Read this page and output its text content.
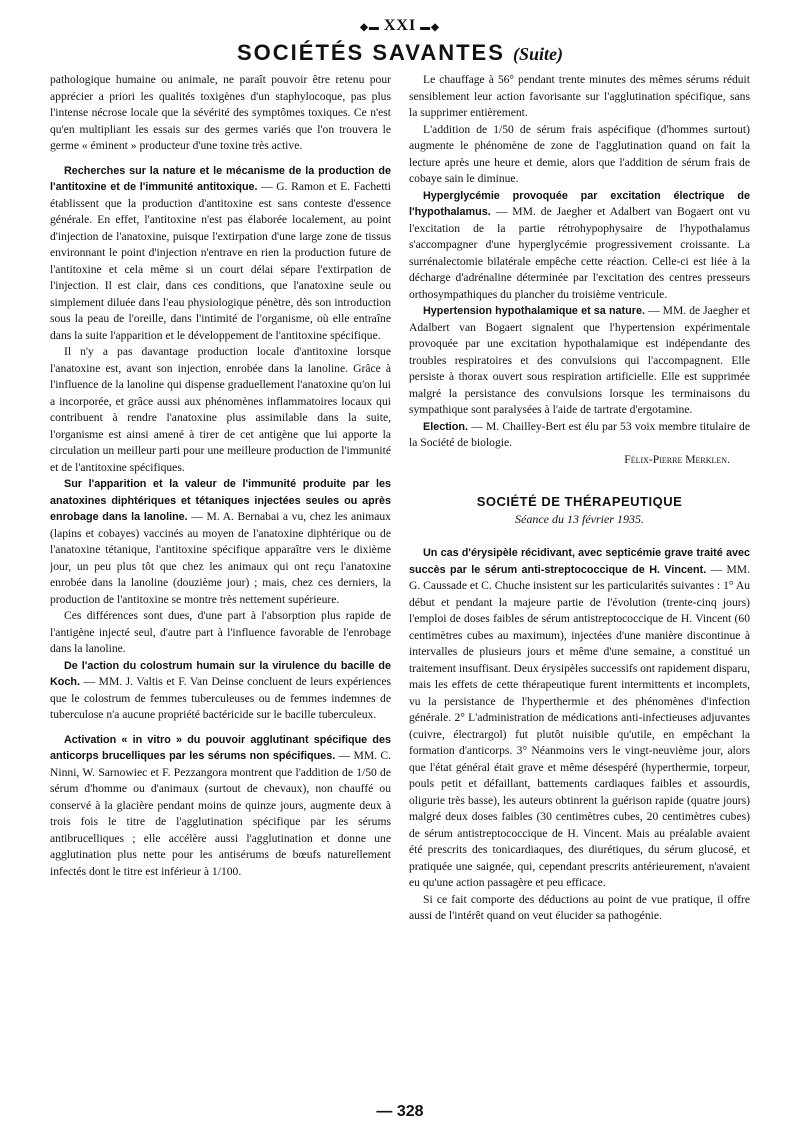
◆▬ XXI ▬◆
SOCIÉTÉS SAVANTES (Suite)

pathologique humaine ou animale, ne paraît pouvoir être retenu pour apprécier a priori les qualités toxigènes d'un staphylocoque, pas plus l'intense nécrose locale que la sévérité des symptômes toxiques. Ce n'est qu'en multipliant les essais sur des germes variés que l'on trouvera le germe « éminent » producteur d'une toxine très active.

Recherches sur la nature et le mécanisme de la production de l'antitoxine et de l'immunité antitoxique. — G. Ramon et E. Fachetti établissent que la production d'antitoxine est sans conteste d'essence générale. En effet, l'antitoxine n'est pas élaborée localement, au point d'injection de l'anatoxine, puisque l'extirpation d'une large zone de tissus environnant le point d'injection n'entrave en rien la production future de l'antitoxine et cela même si un court délai sépare l'extirpation de l'injection. Il est clair, dans ces conditions, que l'anatoxine seule ou simplement diluée dans l'eau physiologique pénètre, dès son introduction sous la peau de l'oreille, dans l'intimité de l'organisme, où elle entraîne dans la suite l'apparition et le développement de l'antitoxine spécifique.

Il n'y a pas davantage production locale d'antitoxine lorsque l'anatoxine est, avant son injection, enrobée dans la lanoline. Grâce à l'influence de la lanoline qui dispense graduellement l'anatoxine qu'on lui a incorporée, et grâce aussi aux phénomènes inflammatoires locaux qui contribuent à rendre l'anatoxine plus assimilable dans la suite, l'organisme est ainsi amené à tirer de cet antigène que lui apporte la circulation un meilleur parti pour une meilleure production de l'immunité et de l'antitoxine spécifiques.

Sur l'apparition et la valeur de l'immunité produite par les anatoxines diphtériques et tétaniques injectées seules ou après enrobage dans la lanoline. — M. A. Bernabai a vu, chez les animaux (lapins et cobayes) vaccinés au moyen de l'anatoxine diphtérique ou de l'anatoxine tétanique, l'antitoxine spécifique apparaître vers le dixième jour, un peu plus tôt que chez les animaux qui ont reçu l'anatoxine enrobée dans la lanoline (douzième jour) ; mais, chez ces derniers, la production de l'antitoxine se montre très nettement supérieure.

Ces différences sont dues, d'une part à l'absorption plus rapide de l'antigène injecté seul, d'autre part à l'influence favorable de l'enrobage dans la lanoline.

De l'action du colostrum humain sur la virulence du bacille de Koch. — MM. J. Valtis et F. Van Deinse concluent de leurs expériences que le colostrum de femmes tuberculeuses ou de femmes indemnes de tuberculose n'a aucune propriété bactéricide sur le bacille tuberculeux.

Activation « in vitro » du pouvoir agglutinant spécifique des anticorps brucelliques par les sérums non spécifiques. — MM. C. Ninni, W. Sarnowiec et F. Pezzangora montrent que l'addition de 1/50 de sérum d'homme ou d'animaux (surtout de chevaux), non chauffé ou conservé à la glacière pendant moins de quinze jours, augmente deux à trois fois le titre de l'agglutination spécifique par les sérums antibrucelliques ; elle accélère aussi l'agglutination et donne une agglutination plus nette pour les antisérums de bœufs naturellement infectés dont le titre est inférieur à 1/100.

Le chauffage à 56° pendant trente minutes des mêmes sérums réduit sensiblement leur action favorisante sur l'agglutination spécifique, sans la supprimer entièrement.

L'addition de 1/50 de sérum frais aspécifique (d'hommes surtout) augmente le phénomène de zone de l'agglutination quand on fait la lecture après une heure et demie, alors que l'addition de sérum frais de cobaye sain le diminue.

Hyperglycémie provoquée par excitation électrique de l'hypothalamus. — MM. de Jaegher et Adalbert van Bogaert ont vu l'excitation de la partie rétrohypophysaire de l'hypothalamus s'accompagner d'une hyperglycémie progressivement croissante. La surrénalectomie bilatérale empêche cette réaction. Celle-ci est liée à la décharge d'adrénaline déterminée par l'excitation des centres presseurs orthosympathiques du plancher du troisième ventricule.

Hypertension hypothalamique et sa nature. — MM. de Jaegher et Adalbert van Bogaert signalent que l'hypertension expérimentale provoquée par une excitation hypothalamique est indépendante des troubles respiratoires et des convulsions qui l'accompagnent. Elle persiste à thorax ouvert sous respiration artificielle. Elle est supprimée malgré la persistance des convulsions lorsque les terminaisons du sympathique sont paralysées à l'aide de tartrate d'ergotamine.

Election. — M. Chailley-Bert est élu par 53 voix membre titulaire de la Société de biologie.

Félix-Pierre Merklen.

SOCIÉTÉ DE THÉRAPEUTIQUE
Séance du 13 février 1935.

Un cas d'érysipèle récidivant, avec septicémie grave traité avec succès par le sérum anti-streptococcique de H. Vincent. — MM. G. Caussade et C. Chuche insistent sur les particularités suivantes : 1° Au début et pendant la majeure partie de l'évolution (trente-cinq jours) l'emploi de doses faibles de sérum antistreptococcique de H. Vincent (60 centimètres cubes au maximum), injectées d'une manière discontinue à intervalles de plusieurs jours et même d'une semaine, a constitué un traitement insuffisant. Deux érysipèles successifs ont rapidement disparu, mais les effets de cette thérapeutique furent intermittents et incomplets, vu la persistance de l'hyperthermie et des phénomènes d'infection générale. 2° L'administration de médications anti-infectieuses adjuvantes (cuivre, électrargol) fut plutôt nuisible qu'utile, en empêchant la formation d'anticorps. 3° Néanmoins vers le vingt-neuvième jour, alors que l'état général était grave et même désespéré (hyperthermie, torpeur, pouls petit et défaillant, battements cardiaques faibles et assourdis, oligurie très basse), les auteurs obtinrent la guérison rapide (quatre jours) malgré deux doses faibles (30 centimètres cubes, 20 centimètres cubes) de sérum antistreptococcique de H. Vincent. Mais au préalable avaient été prescrits des tonicardiaques, des diurétiques, du sérum glucosé, et pratiquée une saignée, qui, cependant prescrits antérieurement, n'avaient eu qu'une action passagère et peu efficace.

Si ce fait comporte des déductions au point de vue pratique, il offre aussi de l'intérêt quand on veut élucider sa pathogénie.

— 328
